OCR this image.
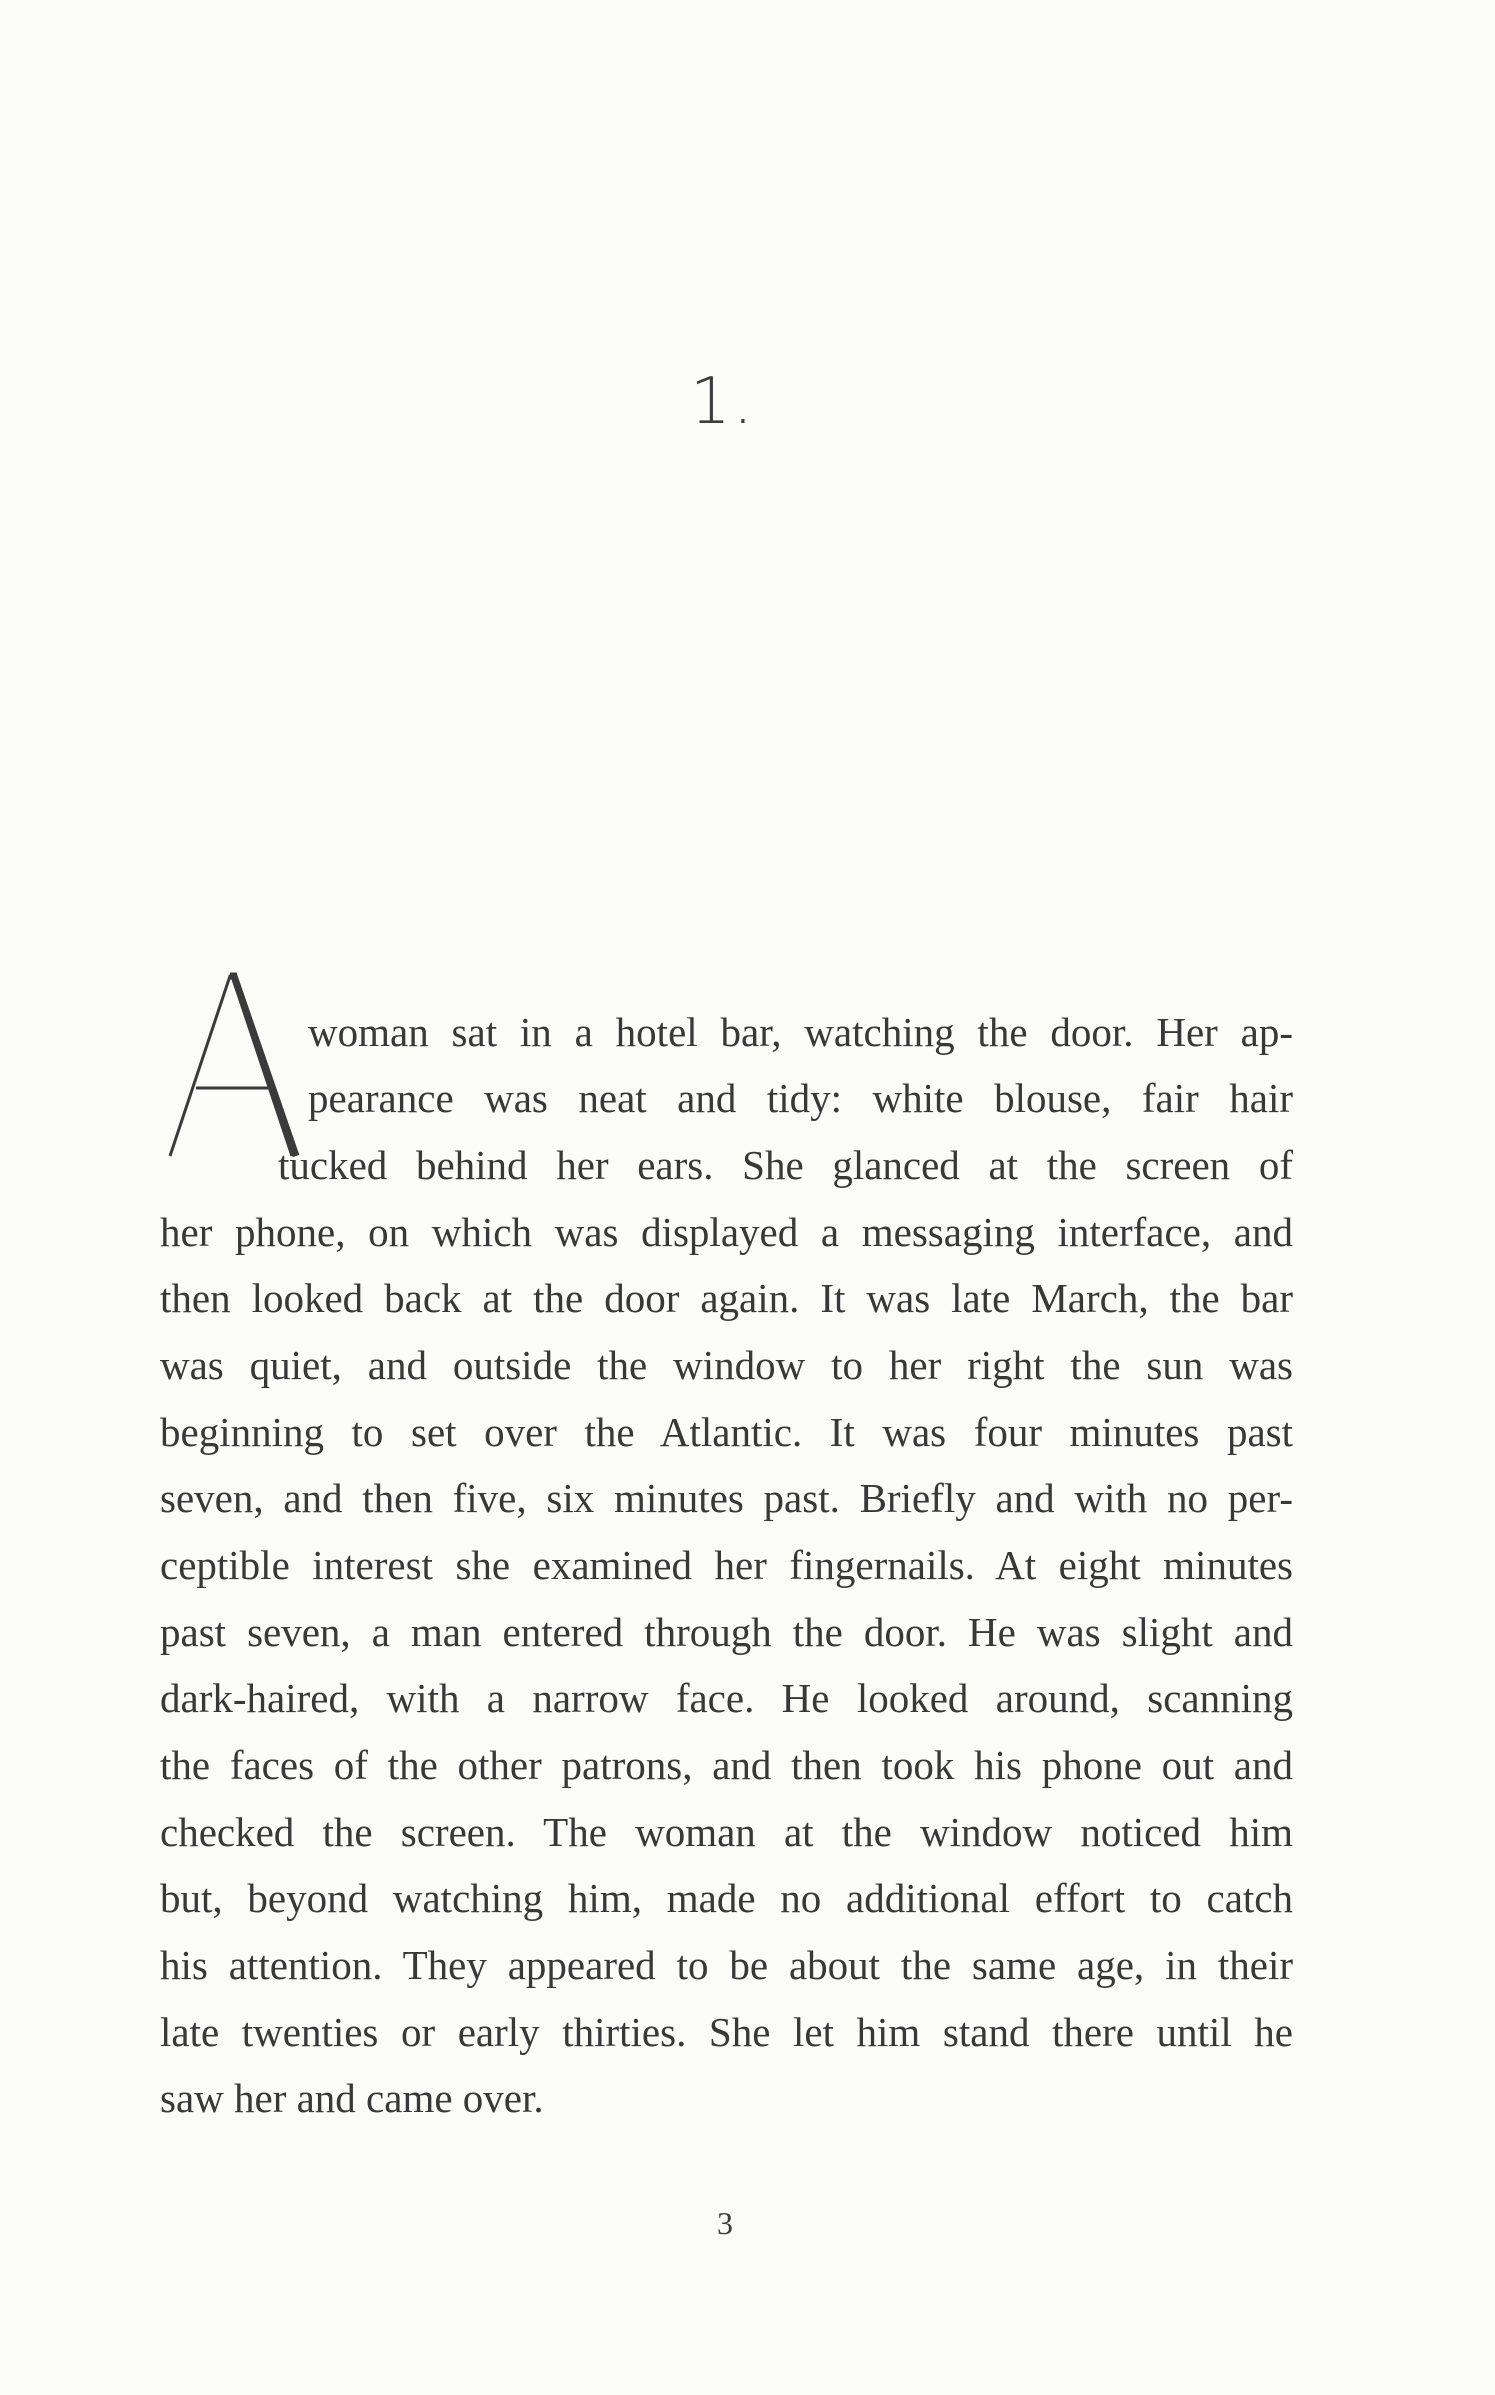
1.
woman sat in a hotel bar, watching the door. Her ap-
pearance was neat and tidy: white blouse, fair hair
tucked behind her ears. She glanced at the screen of
her phone, on which was displayed a messaging interface, and
then looked back at the door again. It was late March, the bar
was quiet, and outside the window to her right the sun was
beginning to set over the Atlantic. It was four minutes past
seven, and then five, six minutes past. Briefly and with no per-
ceptible interest she examined her fingernails. At eight minutes
past seven, a man entered through the door. He was slight and
dark-haired, with a narrow face. He looked around, scanning
the faces of the other patrons, and then took his phone out and
checked the screen. The woman at the window noticed him
but, beyond watching him, made no additional effort to catch
his attention. They appeared to be about the same age, in their
late twenties or early thirties. She let him stand there until he
saw her and came over.
3
